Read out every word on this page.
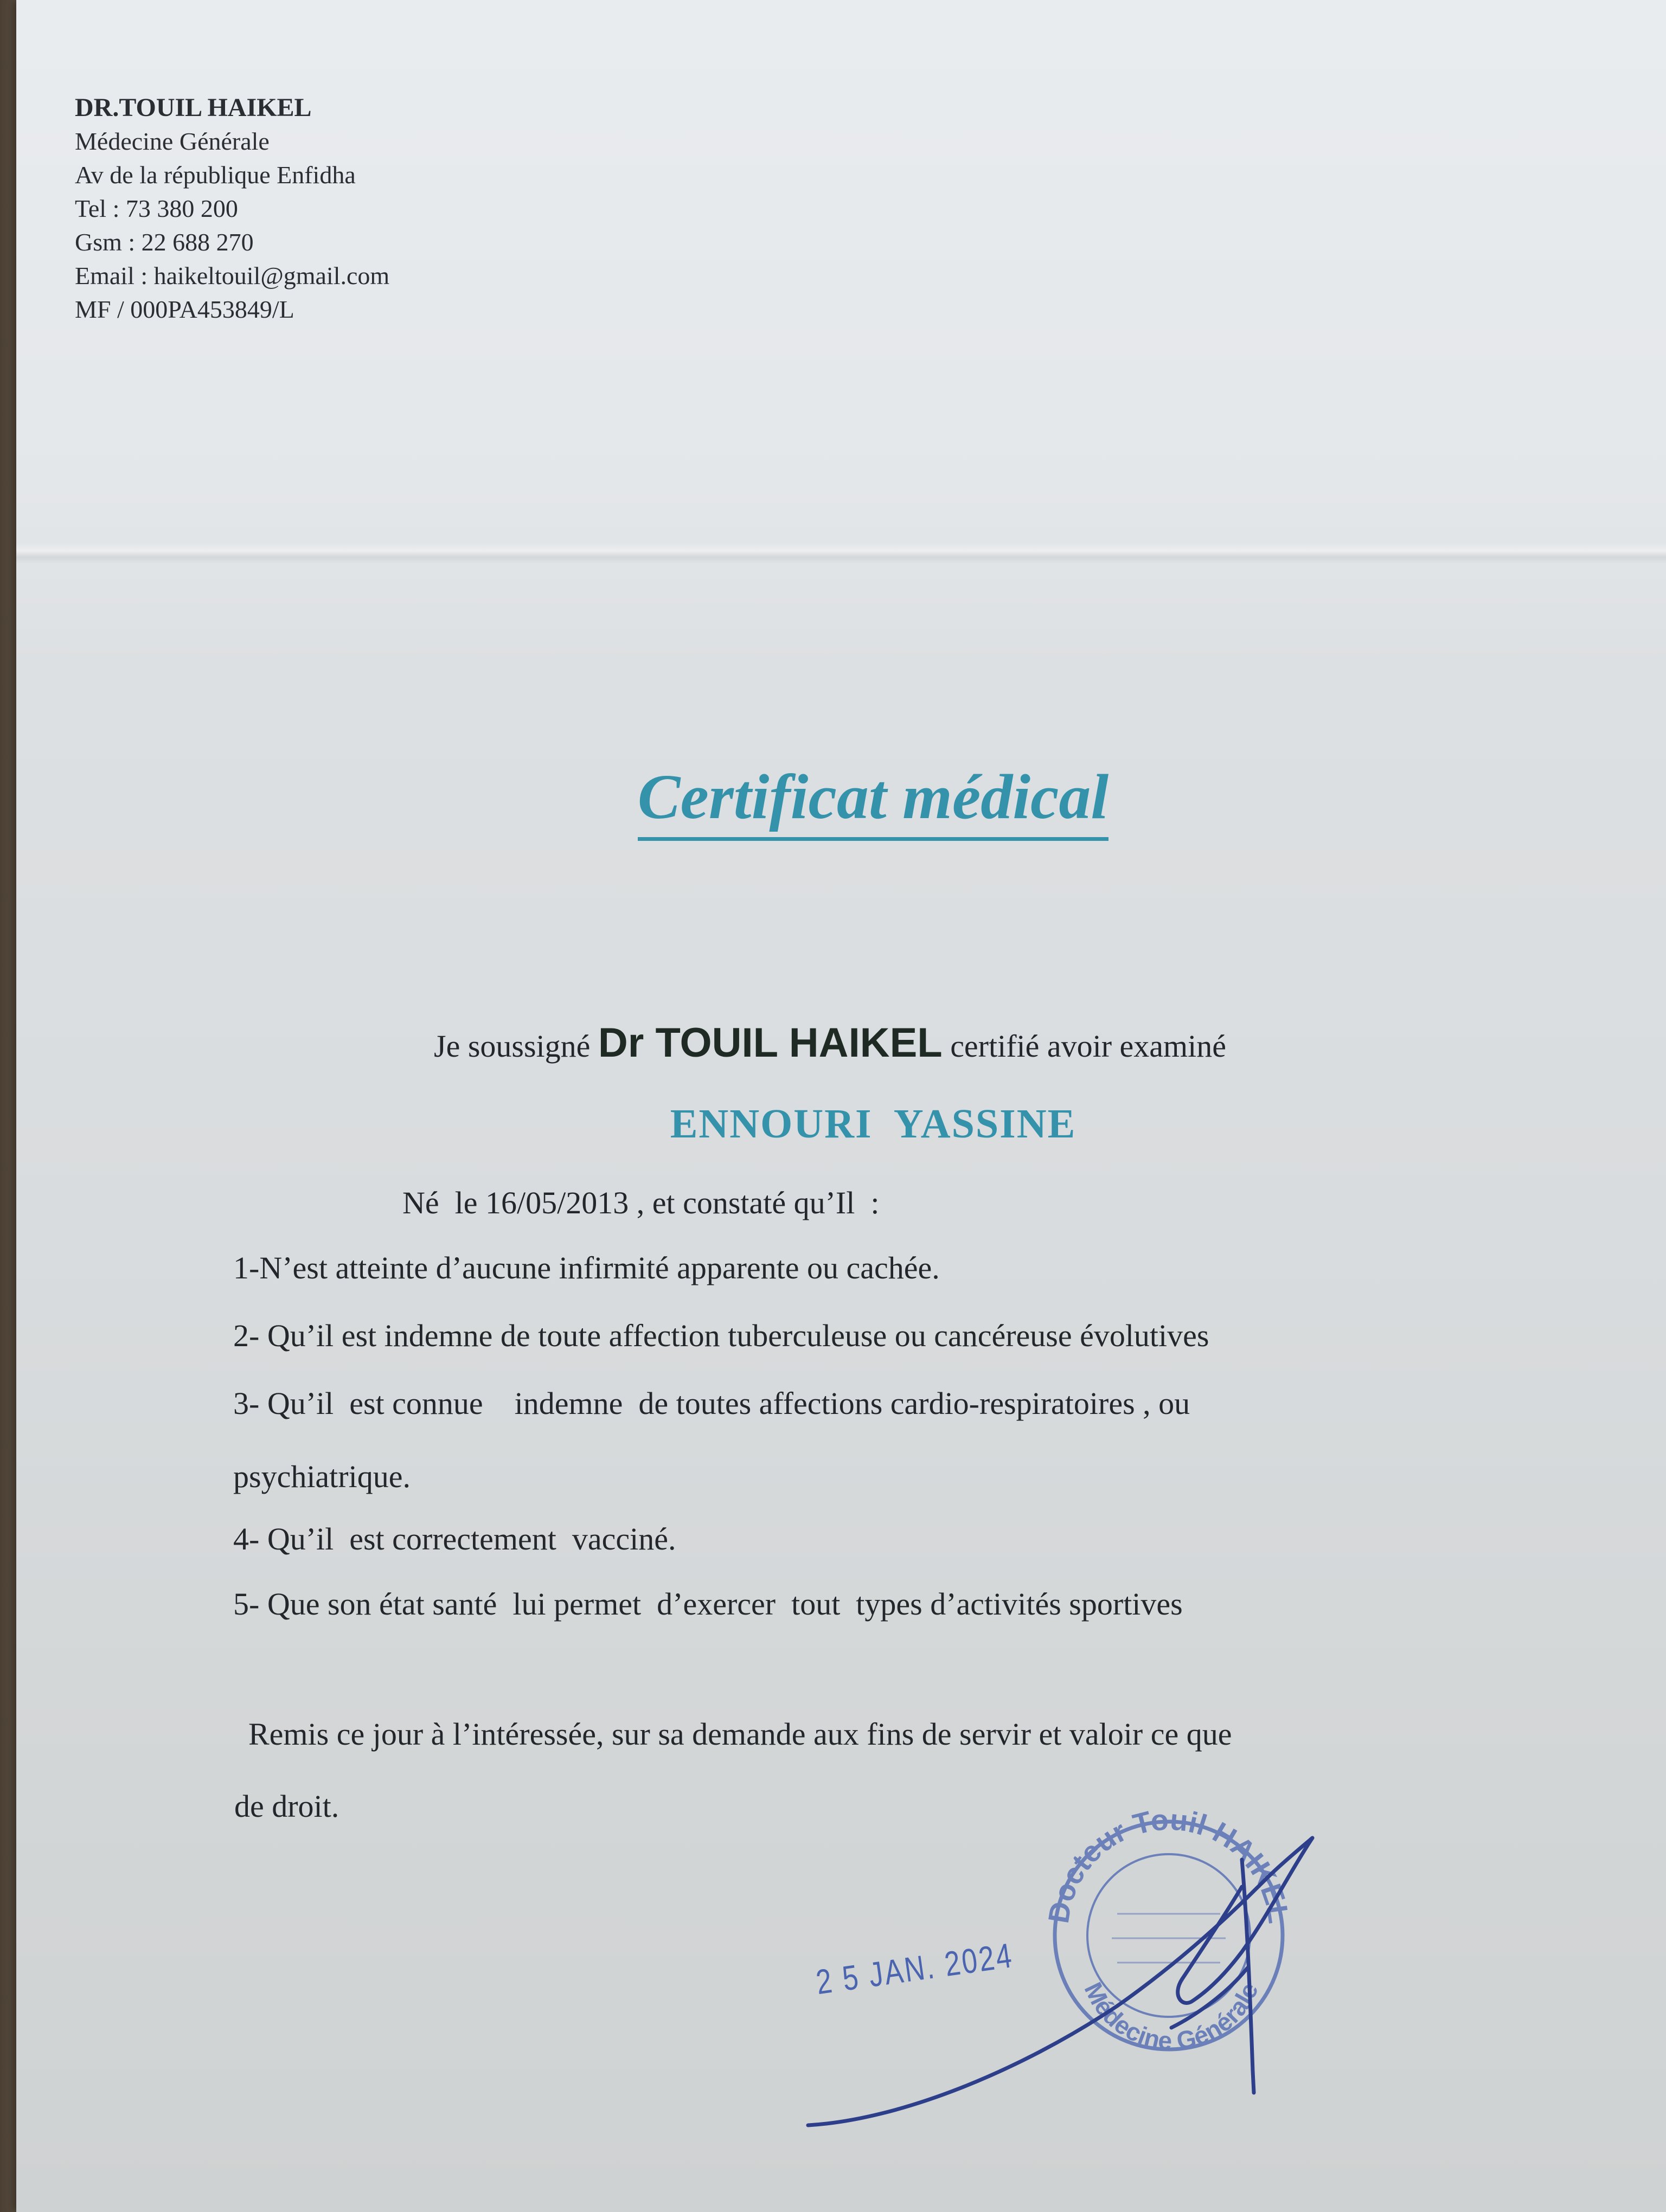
DR.TOUIL HAIKEL
Médecine Générale
Av de la république Enfidha
Tel : 73 380 200
Gsm : 22 688 270
Email : haikeltouil@gmail.com
MF / 000PA453849/L
Certificat médical
Je soussigné Dr TOUIL HAIKEL certifié avoir examiné
ENNOURI  YASSINE
Né  le 16/05/2013 , et constaté qu’Il  :
1-N’est atteinte d’aucune infirmité apparente ou cachée.
2- Qu’il est indemne de toute affection tuberculeuse ou cancéreuse évolutives
3- Qu’il  est connue    indemne  de toutes affections cardio-respiratoires , ou
psychiatrique.
4- Qu’il  est correctement  vacciné.
5- Que son état santé  lui permet  d’exercer  tout  types d’activités sportives
Remis ce jour à l’intéressée, sur sa demande aux fins de servir et valoir ce que
de droit.
2 5 JAN. 2024
Docteur Touil HAIKEL
Médecine Générale
